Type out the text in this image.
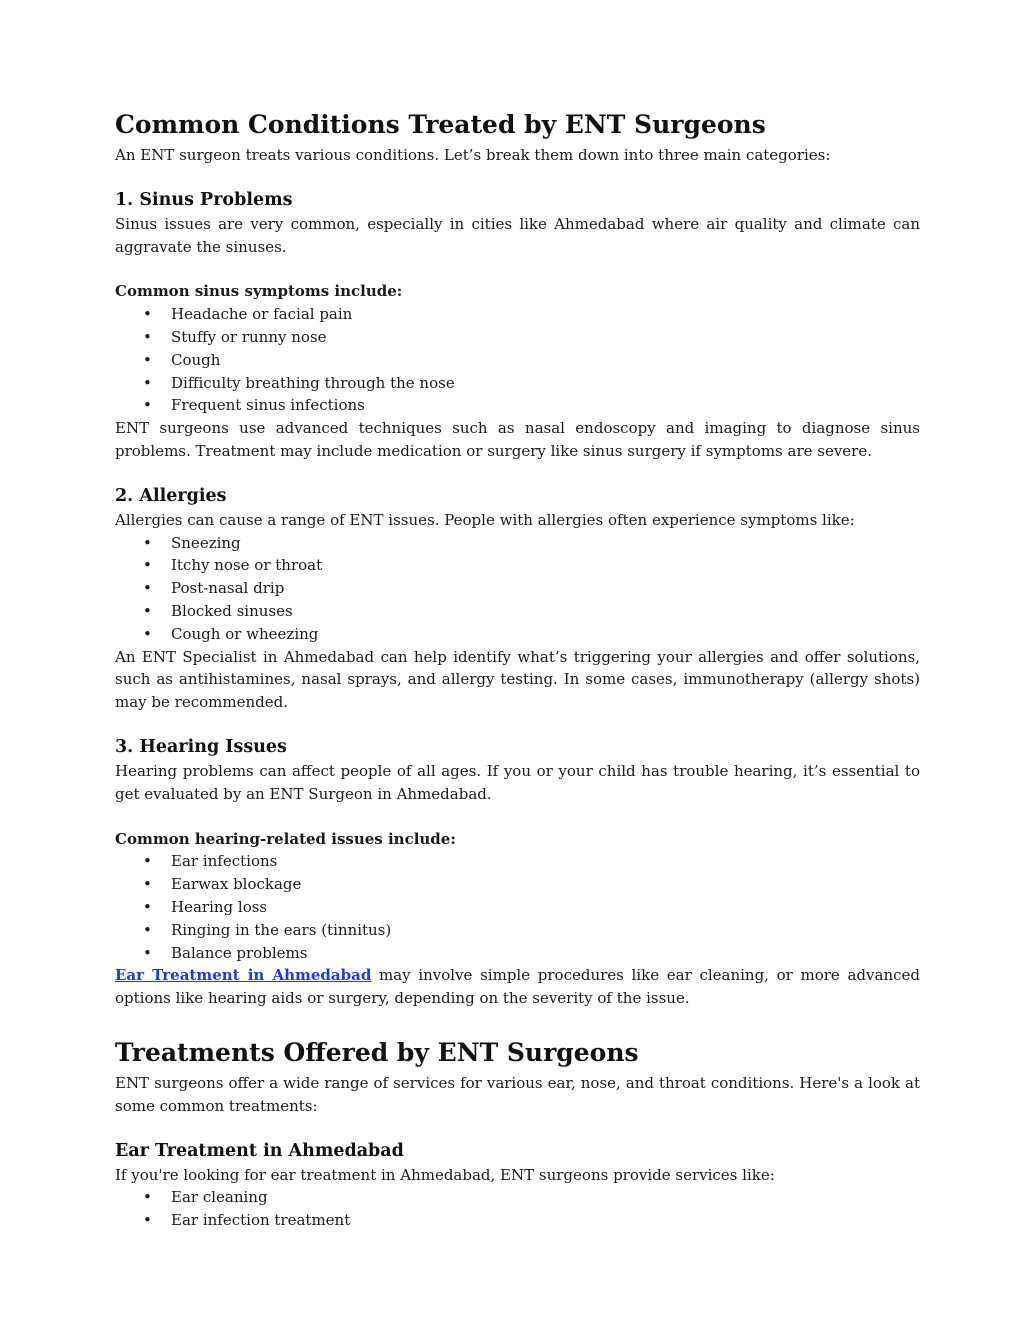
Common Conditions Treated by ENT Surgeons

An ENT surgeon treats various conditions. Let’s break them down into three main categories:

1. Sinus Problems

Sinus issues are very common, especially in cities like Ahmedabad where air quality and climate can aggravate the sinuses.

Common sinus symptoms include:

• Headache or facial pain
• Stuffy or runny nose
• Cough
• Difficulty breathing through the nose
• Frequent sinus infections

ENT surgeons use advanced techniques such as nasal endoscopy and imaging to diagnose sinus problems. Treatment may include medication or surgery like sinus surgery if symptoms are severe.

2. Allergies

Allergies can cause a range of ENT issues. People with allergies often experience symptoms like:

• Sneezing
• Itchy nose or throat
• Post-nasal drip
• Blocked sinuses
• Cough or wheezing

An ENT Specialist in Ahmedabad can help identify what’s triggering your allergies and offer solutions, such as antihistamines, nasal sprays, and allergy testing. In some cases, immunotherapy (allergy shots) may be recommended.

3. Hearing Issues

Hearing problems can affect people of all ages. If you or your child has trouble hearing, it’s essential to get evaluated by an ENT Surgeon in Ahmedabad.

Common hearing-related issues include:

• Ear infections
• Earwax blockage
• Hearing loss
• Ringing in the ears (tinnitus)
• Balance problems

Ear Treatment in Ahmedabad may involve simple procedures like ear cleaning, or more advanced options like hearing aids or surgery, depending on the severity of the issue.

Treatments Offered by ENT Surgeons

ENT surgeons offer a wide range of services for various ear, nose, and throat conditions. Here's a look at some common treatments:

Ear Treatment in Ahmedabad

If you're looking for ear treatment in Ahmedabad, ENT surgeons provide services like:

• Ear cleaning
• Ear infection treatment
